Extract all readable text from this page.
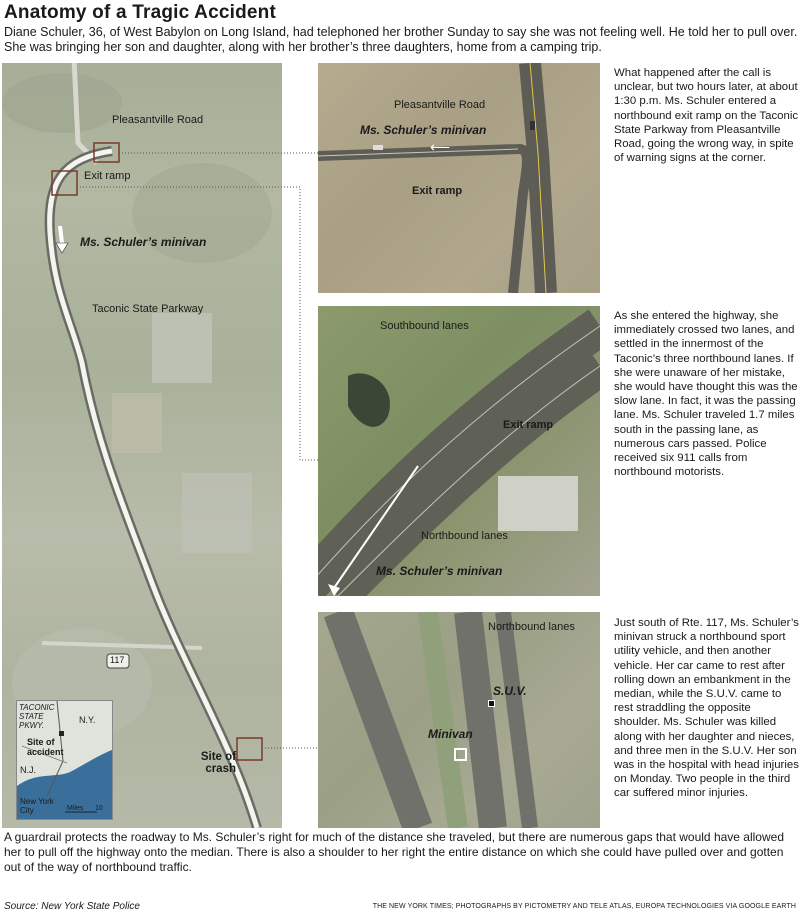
Anatomy of a Tragic Accident
Diane Schuler, 36, of West Babylon on Long Island, had telephoned her brother Sunday to say she was not feeling well. He told her to pull over. She was bringing her son and daughter, along with her brother’s three daughters, home from a camping trip.
Pleasantville Road
Exit ramp
Ms. Schuler’s minivan
Taconic State Parkway
117
Site of crash
TACONIC STATE PKWY.
N.Y.
Site of accident
N.J.
New York City	Miles 10
Pleasantville Road
Ms. Schuler’s minivan
⟵
Exit ramp
What happened after the call is unclear, but two hours later, at about 1:30 p.m. Ms. Schuler entered a northbound exit ramp on the Taconic State Parkway from Pleasantville Road, going the wrong way, in spite of warning signs at the corner.
Southbound lanes
Exit ramp
Northbound lanes
Ms. Schuler’s minivan
As she entered the highway, she immediately crossed two lanes, and settled in the innermost of the Taconic’s three northbound lanes. If she were unaware of her mistake, she would have thought this was the slow lane. In fact, it was the passing lane. Ms. Schuler traveled 1.7 miles south in the passing lane, as numerous cars passed. Police received six 911 calls from northbound motorists.
Northbound lanes
S.U.V.
Minivan
Just south of Rte. 117, Ms. Schuler’s minivan struck a northbound sport utility vehicle, and then another vehicle. Her car came to rest after rolling down an embankment in the median, while the S.U.V. came to rest straddling the opposite shoulder. Ms. Schuler was killed along with her daughter and nieces, and three men in the S.U.V. Her son was in the hospital with head injuries on Monday. Two people in the third car suffered minor injuries.
A guardrail protects the roadway to Ms. Schuler’s right for much of the distance she traveled, but there are numerous gaps that would have allowed her to pull off the highway onto the median. There is also a shoulder to her right the entire distance on which she could have pulled over and gotten out of the way of northbound traffic.
Source: New York State Police	THE NEW YORK TIMES; PHOTOGRAPHS BY PICTOMETRY AND TELE ATLAS, EUROPA TECHNOLOGIES VIA GOOGLE EARTH
